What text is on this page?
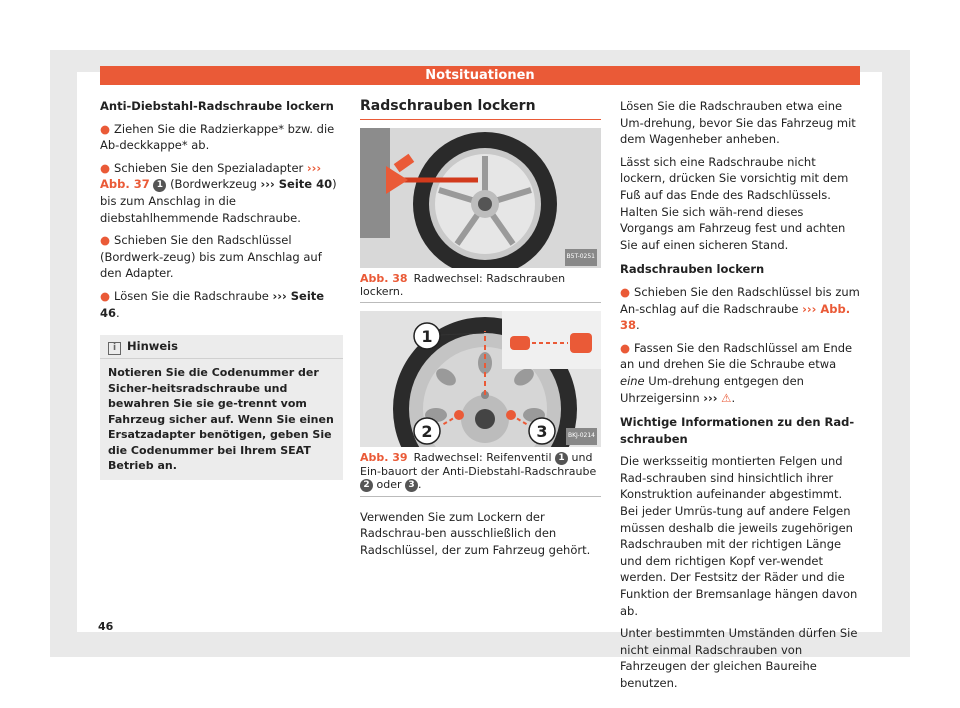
Notsituationen

Anti-Diebstahl-Radschraube lockern

● Ziehen Sie die Radzierkappe* bzw. die Ab-deckkappe* ab.

● Schieben Sie den Spezialadapter ››› Abb. 37 1 (Bordwerkzeug ››› Seite 40) bis zum Anschlag in die diebstahlhemmende Radschraube.

● Schieben Sie den Radschlüssel (Bordwerk-zeug) bis zum Anschlag auf den Adapter.

● Lösen Sie die Radschraube ››› Seite 46.

i Hinweis
Notieren Sie die Codenummer der Sicher-heitsradschraube und bewahren Sie sie ge-trennt vom Fahrzeug sicher auf. Wenn Sie einen Ersatzadapter benötigen, geben Sie die Codenummer bei Ihrem SEAT Betrieb an.
Radschrauben lockern
B5T-0251
Abb. 38 Radwechsel: Radschrauben lockern.
1
2	3	BKJ-0214
Abb. 39 Radwechsel: Reifenventil 1 und Ein-bauort der Anti-Diebstahl-Radschraube 2 oder 3 .

Verwenden Sie zum Lockern der Radschrau-ben ausschließlich den Radschlüssel, der zum Fahrzeug gehört.

Lösen Sie die Radschrauben etwa eine Um-drehung, bevor Sie das Fahrzeug mit dem Wagenheber anheben.

Lässt sich eine Radschraube nicht lockern, drücken Sie vorsichtig mit dem Fuß auf das Ende des Radschlüssels. Halten Sie sich wäh-rend dieses Vorgangs am Fahrzeug fest und achten Sie auf einen sicheren Stand.

Radschrauben lockern

● Schieben Sie den Radschlüssel bis zum An-schlag auf die Radschraube ››› Abb. 38.

● Fassen Sie den Radschlüssel am Ende an und drehen Sie die Schraube etwa eine Um-drehung entgegen den Uhrzeigersinn ››› ⚠.

Wichtige Informationen zu den Rad-schrauben

Die werksseitig montierten Felgen und Rad-schrauben sind hinsichtlich ihrer Konstruktion aufeinander abgestimmt. Bei jeder Umrüs-tung auf andere Felgen müssen deshalb die jeweils zugehörigen Radschrauben mit der richtigen Länge und dem richtigen Kopf ver-wendet werden. Der Festsitz der Räder und die Funktion der Bremsanlage hängen davon ab.

Unter bestimmten Umständen dürfen Sie nicht einmal Radschrauben von Fahrzeugen der gleichen Baureihe benutzen.

46
